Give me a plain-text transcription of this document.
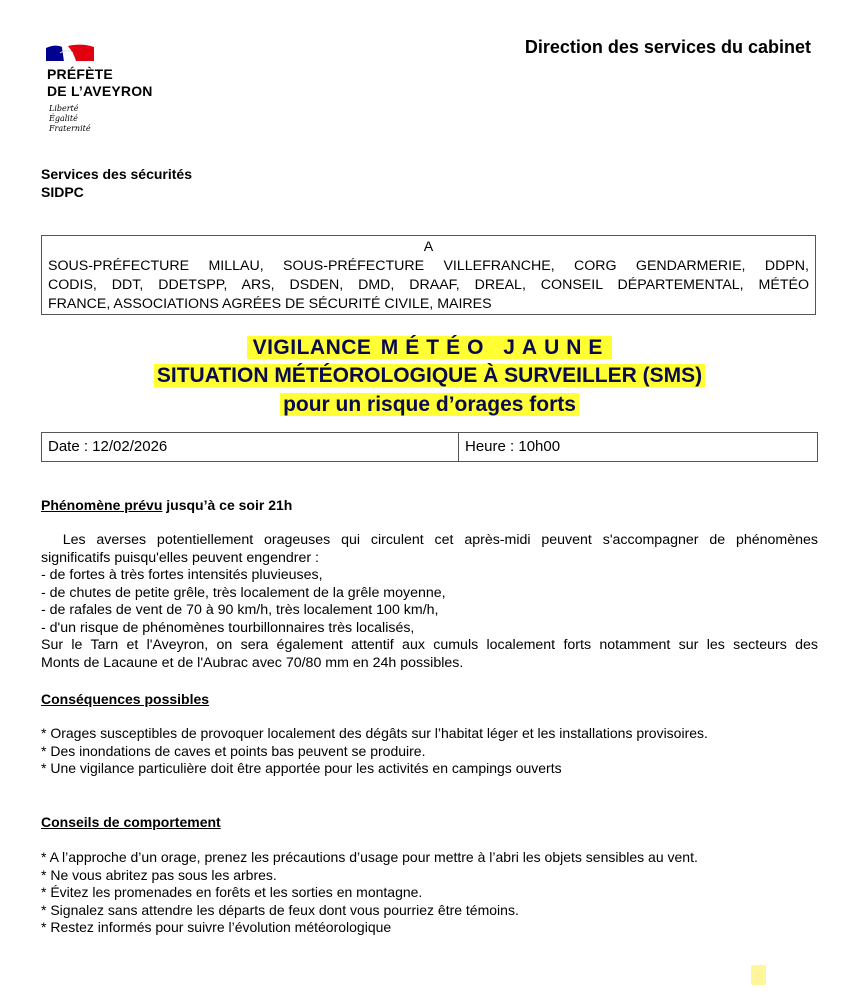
PRÉFÈTE
DE L’AVEYRON
Liberté
Égalité
Fraternité
Direction des services du cabinet
Services des sécurités
SIDPC
A
SOUS-PRÉFECTURE MILLAU, SOUS-PRÉFECTURE VILLEFRANCHE, CORG GENDARMERIE, DDPN,
CODIS, DDT, DDETSPP, ARS, DSDEN, DMD, DRAAF, DREAL, CONSEIL DÉPARTEMENTAL, MÉTÉO
FRANCE, ASSOCIATIONS AGRÉES DE SÉCURITÉ CIVILE, MAIRES
VIGILANCE MÉTÉO JAUNE
SITUATION MÉTÉOROLOGIQUE À SURVEILLER (SMS)
pour un risque d’orages forts
Date : 12/02/2026	Heure : 10h00
Phénomène prévu jusqu’à ce soir 21h
Les averses potentiellement orageuses qui circulent cet après-midi peuvent s'accompagner de phénomènes
significatifs puisqu'elles peuvent engendrer :
- de fortes à très fortes intensités pluvieuses,
- de chutes de petite grêle, très localement de la grêle moyenne,
- de rafales de vent de 70 à 90 km/h, très localement 100 km/h,
- d'un risque de phénomènes tourbillonnaires très localisés,
Sur le Tarn et l'Aveyron, on sera également attentif aux cumuls localement forts notamment sur les secteurs des
Monts de Lacaune et de l'Aubrac avec 70/80 mm en 24h possibles.
Conséquences possibles
* Orages susceptibles de provoquer localement des dégâts sur l’habitat léger et les installations provisoires.
* Des inondations de caves et points bas peuvent se produire.
* Une vigilance particulière doit être apportée pour les activités en campings ouverts
Conseils de comportement
* A l’approche d’un orage, prenez les précautions d’usage pour mettre à l’abri les objets sensibles au vent.
* Ne vous abritez pas sous les arbres.
* Évitez les promenades en forêts et les sorties en montagne.
* Signalez sans attendre les départs de feux dont vous pourriez être témoins.
* Restez informés pour suivre l’évolution météorologique
